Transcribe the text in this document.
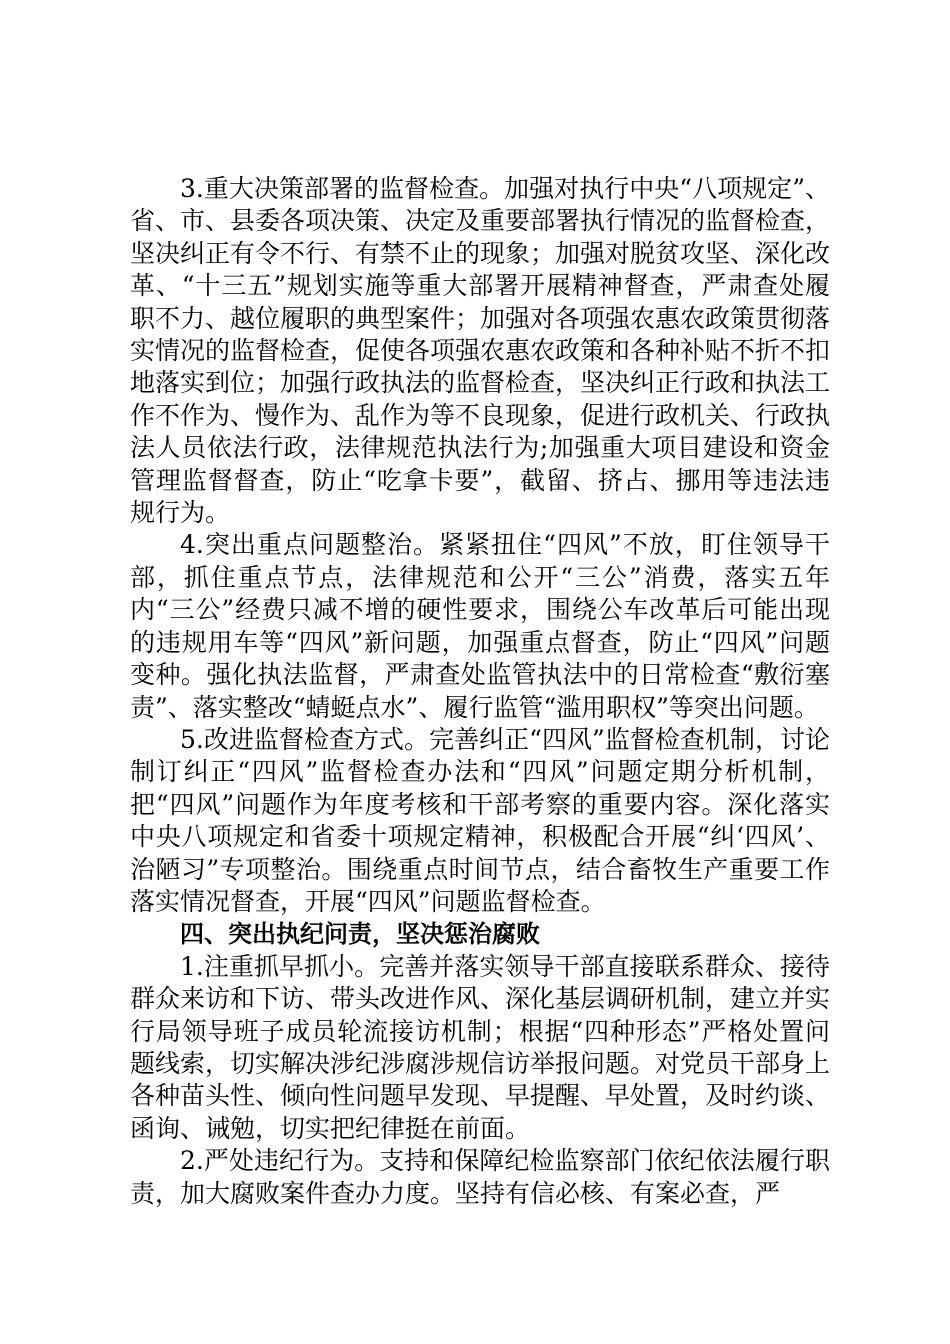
3.重大决策部署的监督检查。加强对执行中央“八项规定”、省、市、县委各项决策、决定及重要部署执行情况的监督检查，坚决纠正有令不行、有禁不止的现象；加强对脱贫攻坚、深化改革、“十三五”规划实施等重大部署开展精神督查，严肃查处履职不力、越位履职的典型案件；加强对各项强农惠农政策贯彻落实情况的监督检查，促使各项强农惠农政策和各种补贴不折不扣地落实到位；加强行政执法的监督检查，坚决纠正行政和执法工作不作为、慢作为、乱作为等不良现象，促进行政机关、行政执法人员依法行政，法律规范执法行为;加强重大项目建设和资金管理监督督查，防止“吃拿卡要”，截留、挤占、挪用等违法违规行为。

4.突出重点问题整治。紧紧扭住“四风”不放，盯住领导干部，抓住重点节点，法律规范和公开“三公”消费，落实五年内“三公”经费只减不增的硬性要求，围绕公车改革后可能出现的违规用车等“四风”新问题，加强重点督查，防止“四风”问题变种。强化执法监督，严肃查处监管执法中的日常检查“敷衍塞责”、落实整改“蜻蜓点水”、履行监管“滥用职权”等突出问题。

5.改进监督检查方式。完善纠正“四风”监督检查机制，讨论制订纠正“四风”监督检查办法和“四风”问题定期分析机制，把“四风”问题作为年度考核和干部考察的重要内容。深化落实中央八项规定和省委十项规定精神，积极配合开展“纠‘四风’、治陋习”专项整治。围绕重点时间节点，结合畜牧生产重要工作落实情况督查，开展“四风”问题监督检查。

四、突出执纪问责，坚决惩治腐败

1.注重抓早抓小。完善并落实领导干部直接联系群众、接待群众来访和下访、带头改进作风、深化基层调研机制，建立并实行局领导班子成员轮流接访机制；根据“四种形态”严格处置问题线索，切实解决涉纪涉腐涉规信访举报问题。对党员干部身上各种苗头性、倾向性问题早发现、早提醒、早处置，及时约谈、函询、诫勉，切实把纪律挺在前面。

2.严处违纪行为。支持和保障纪检监察部门依纪依法履行职责，加大腐败案件查办力度。坚持有信必核、有案必查，严
